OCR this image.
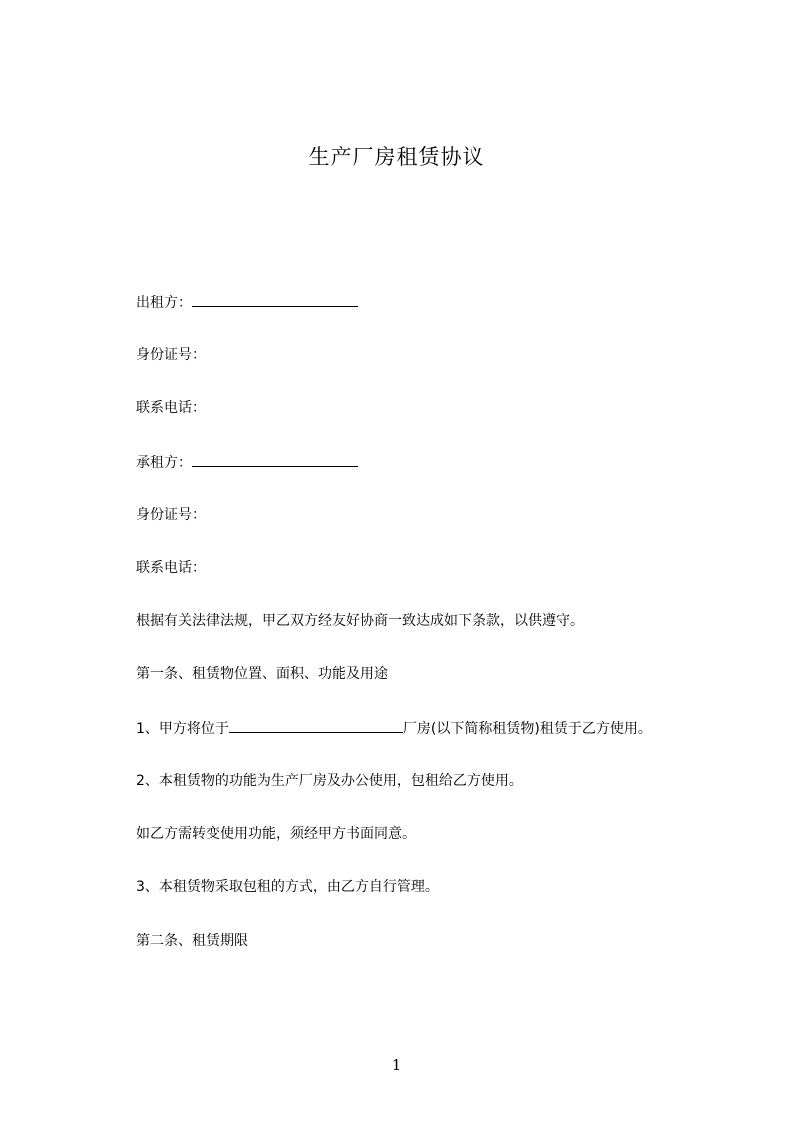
生产厂房租赁协议
出租方：
身份证号：
联系电话：
承租方：
身份证号：
联系电话：
根据有关法律法规，甲乙双方经友好协商一致达成如下条款，以供遵守。
第一条、租赁物位置、面积、功能及用途
1、甲方将位于	厂房(以下简称租赁物)租赁于乙方使用。
2、本租赁物的功能为生产厂房及办公使用，包租给乙方使用。
如乙方需转变使用功能，须经甲方书面同意。
3、本租赁物采取包租的方式，由乙方自行管理。
第二条、租赁期限
1
